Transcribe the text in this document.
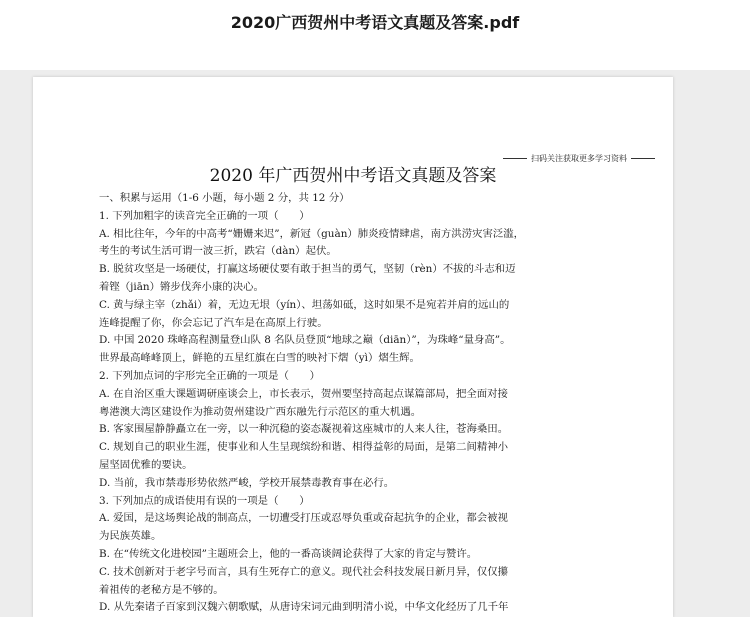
2020广西贺州中考语文真题及答案.pdf
扫码关注获取更多学习资料
2020 年广西贺州中考语文真题及答案
一、积累与运用（1-6 小题，每小题 2 分，共 12 分）
1. 下列加粗字的读音完全正确的一项（　　）
A. 相比往年，今年的中高考“姗姗来迟”，新冠（guàn）肺炎疫情肆虐，南方洪涝灾害泛滥，
考生的考试生活可谓一波三折，跌宕（dàn）起伏。
B. 脱贫攻坚是一场硬仗，打赢这场硬仗要有敢于担当的勇气，坚韧（rèn）不拔的斗志和迈
着铿（jiān）锵步伐奔小康的决心。
C. 黄与绿主宰（zhǎi）着，无边无垠（yín）、坦荡如砥，这时如果不是宛若并肩的远山的
连峰提醒了你，你会忘记了汽车是在高原上行驶。
D. 中国 2020 珠峰高程测量登山队 8 名队员登顶“地球之巅（diān）”，为珠峰“量身高”。
世界最高峰峰顶上，鲜艳的五星红旗在白雪的映衬下熠（yì）熠生辉。
2. 下列加点词的字形完全正确的一项是（　　）
A. 在自治区重大课题调研座谈会上，市长表示，贺州要坚持高起点谋篇部局，把全面对接
粤港澳大湾区建设作为推动贺州建设广西东融先行示范区的重大机遇。
B. 客家围屋静静矗立在一旁，以一种沉稳的姿态凝视着这座城市的人来人往，苍海桑田。
C. 规划自己的职业生涯，使事业和人生呈现缤纷和谐、相得益彰的局面，是第二间精神小
屋坚固优雅的要诀。
D. 当前，我市禁毒形势依然严峻，学校开展禁毒教育事在必行。
3. 下列加点的成语使用有误的一项是（　　）
A. 爱国，是这场舆论战的制高点，一切遭受打压或忍辱负重或奋起抗争的企业，都会被视
为民族英雄。
B. 在“传统文化进校园”主题班会上，他的一番高谈阔论获得了大家的肯定与赞许。
C. 技术创新对于老字号而言，具有生死存亡的意义。现代社会科技发展日新月异，仅仅攥
着祖传的老秘方是不够的。
D. 从先秦诸子百家到汉魏六朝歌赋，从唐诗宋词元曲到明清小说，中华文化经历了几千年
